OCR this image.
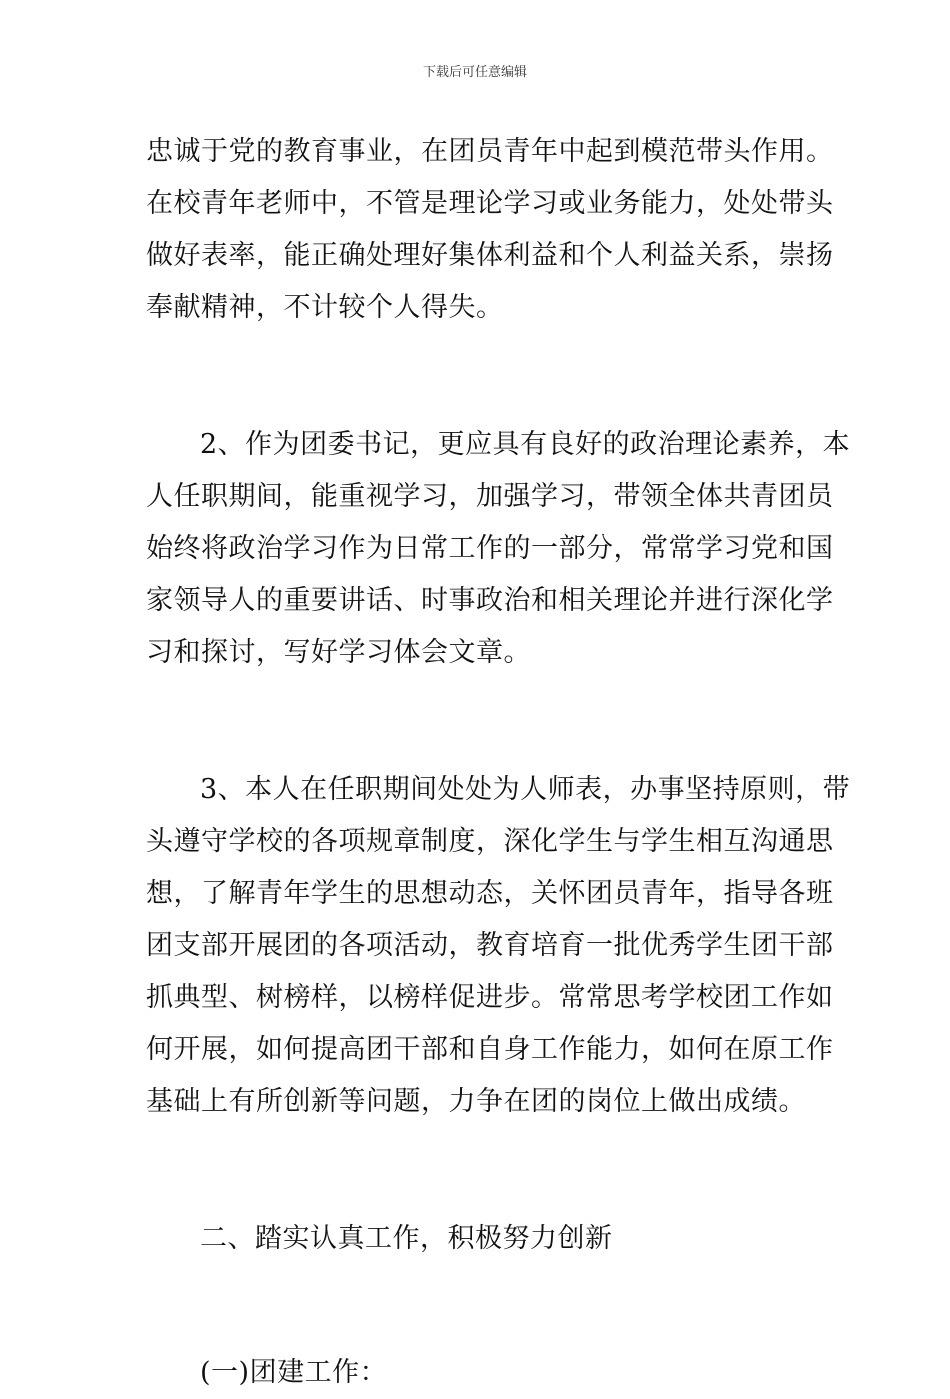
下载后可任意编辑
忠诚于党的教育事业，在团员青年中起到模范带头作用。
在校青年老师中，不管是理论学习或业务能力，处处带头
做好表率，能正确处理好集体利益和个人利益关系，崇扬
奉献精神，不计较个人得失。
2、作为团委书记，更应具有良好的政治理论素养，本
人任职期间，能重视学习，加强学习，带领全体共青团员
始终将政治学习作为日常工作的一部分，常常学习党和国
家领导人的重要讲话、时事政治和相关理论并进行深化学
习和探讨，写好学习体会文章。
3、本人在任职期间处处为人师表，办事坚持原则，带
头遵守学校的各项规章制度，深化学生与学生相互沟通思
想，了解青年学生的思想动态，关怀团员青年，指导各班
团支部开展团的各项活动，教育培育一批优秀学生团干部
抓典型、树榜样，以榜样促进步。常常思考学校团工作如
何开展，如何提高团干部和自身工作能力，如何在原工作
基础上有所创新等问题，力争在团的岗位上做出成绩。
二、踏实认真工作，积极努力创新
(一)团建工作：
